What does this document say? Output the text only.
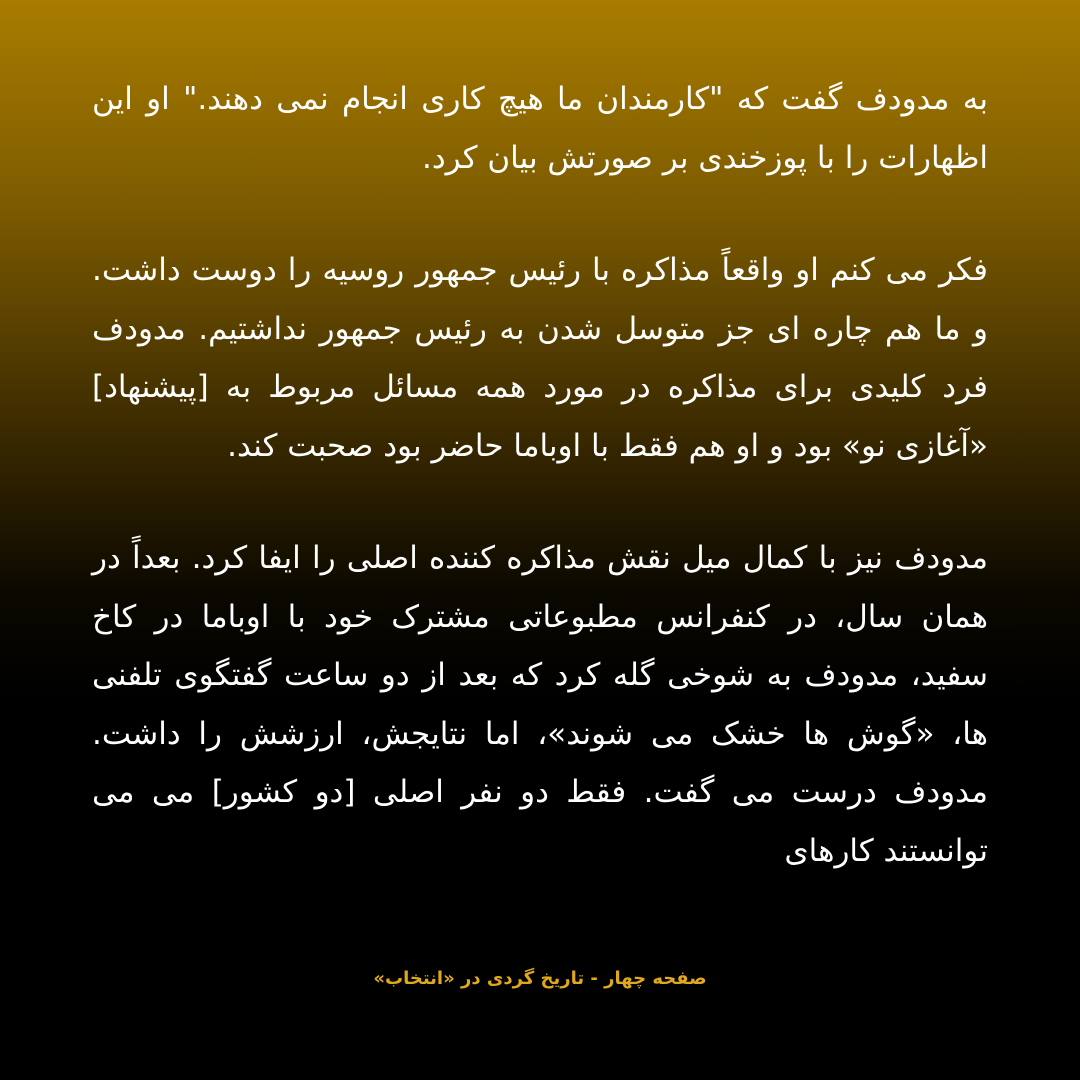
به مدودف گفت که "کارمندان ما هیچ کاری انجام نمی دهند." او این اظهارات را با پوزخندی بر صورتش بیان کرد.

فکر می کنم او واقعاً مذاکره با رئیس جمهور روسیه را دوست داشت. و ما هم چاره ای جز متوسل شدن به رئیس جمهور نداشتیم. مدودف فرد کلیدی برای مذاکره در مورد همه مسائل مربوط به [پیشنهاد] «آغازی نو» بود و او هم فقط با اوباما حاضر بود صحبت کند.

مدودف نیز با کمال میل نقش مذاکره کننده اصلی را ایفا کرد. بعداً در همان سال، در کنفرانس مطبوعاتی مشترک خود با اوباما در کاخ سفید، مدودف به شوخی گله کرد که بعد از دو ساعت گفتگوی تلفنی ها، «گوش ها خشک می شوند»، اما نتایجش، ارزشش را داشت. مدودف درست می گفت. فقط دو نفر اصلی [دو کشور] می می توانستند کارهای

صفحه چهار - تاریخ گردی در «انتخاب»
